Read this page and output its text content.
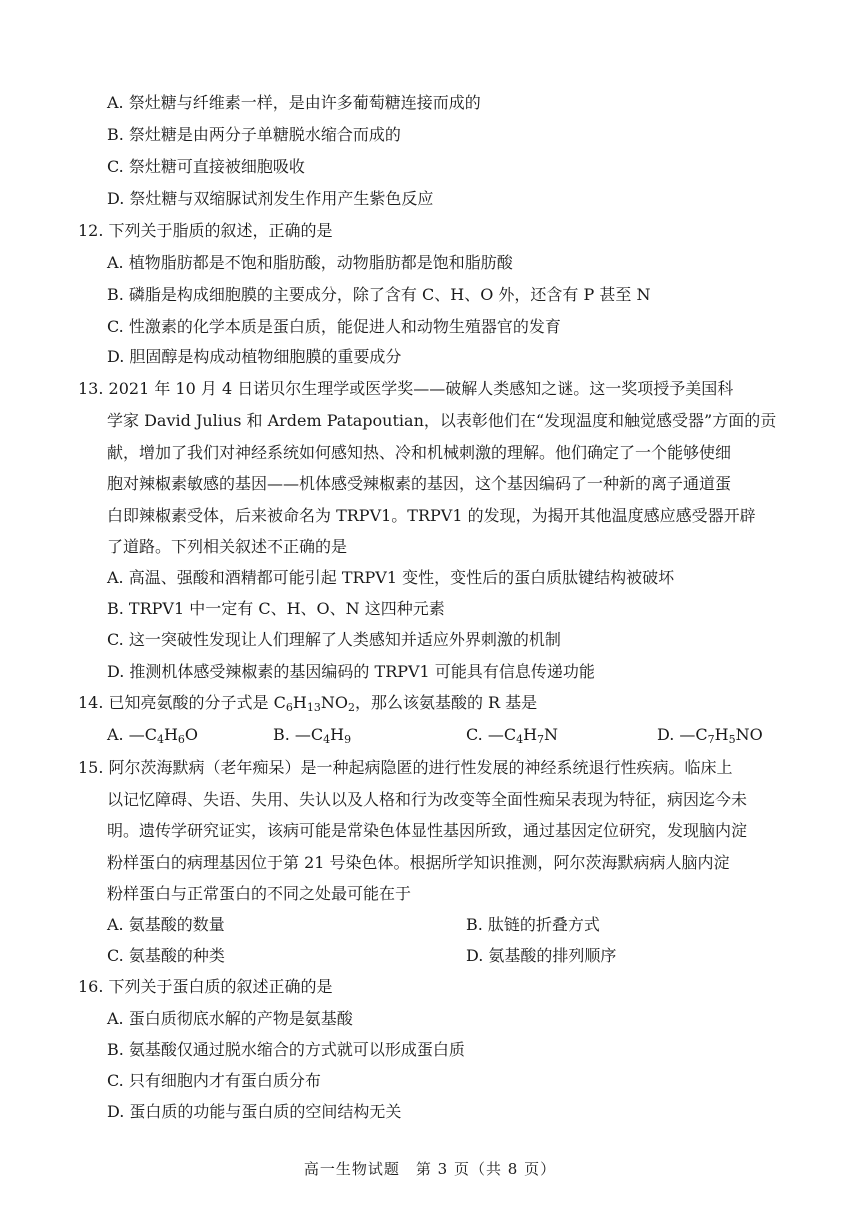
A. 祭灶糖与纤维素一样，是由许多葡萄糖连接而成的
B. 祭灶糖是由两分子单糖脱水缩合而成的
C. 祭灶糖可直接被细胞吸收
D. 祭灶糖与双缩脲试剂发生作用产生紫色反应
12. 下列关于脂质的叙述，正确的是
A. 植物脂肪都是不饱和脂肪酸，动物脂肪都是饱和脂肪酸
B. 磷脂是构成细胞膜的主要成分，除了含有 C、H、O 外，还含有 P 甚至 N
C. 性激素的化学本质是蛋白质，能促进人和动物生殖器官的发育
D. 胆固醇是构成动植物细胞膜的重要成分
13. 2021 年 10 月 4 日诺贝尔生理学或医学奖——破解人类感知之谜。这一奖项授予美国科
学家 David Julius 和 Ardem Patapoutian，以表彰他们在“发现温度和触觉感受器”方面的贡
献，增加了我们对神经系统如何感知热、冷和机械刺激的理解。他们确定了一个能够使细
胞对辣椒素敏感的基因——机体感受辣椒素的基因，这个基因编码了一种新的离子通道蛋
白即辣椒素受体，后来被命名为 TRPV1。TRPV1 的发现，为揭开其他温度感应感受器开辟
了道路。下列相关叙述不正确的是
A. 高温、强酸和酒精都可能引起 TRPV1 变性，变性后的蛋白质肽键结构被破坏
B. TRPV1 中一定有 C、H、O、N 这四种元素
C. 这一突破性发现让人们理解了人类感知并适应外界刺激的机制
D. 推测机体感受辣椒素的基因编码的 TRPV1 可能具有信息传递功能
14. 已知亮氨酸的分子式是 $C_6H_{13}NO_2$，那么该氨基酸的 R 基是
A. $—C_4H_6O$	B. $—C_4H_9$	C. $—C_4H_7N$	D. $—C_7H_5NO$
15. 阿尔茨海默病（老年痴呆）是一种起病隐匿的进行性发展的神经系统退行性疾病。临床上
以记忆障碍、失语、失用、失认以及人格和行为改变等全面性痴呆表现为特征，病因迄今未
明。遗传学研究证实，该病可能是常染色体显性基因所致，通过基因定位研究，发现脑内淀
粉样蛋白的病理基因位于第 21 号染色体。根据所学知识推测，阿尔茨海默病病人脑内淀
粉样蛋白与正常蛋白的不同之处最可能在于
A. 氨基酸的数量	B. 肽链的折叠方式
C. 氨基酸的种类	D. 氨基酸的排列顺序
16. 下列关于蛋白质的叙述正确的是
A. 蛋白质彻底水解的产物是氨基酸
B. 氨基酸仅通过脱水缩合的方式就可以形成蛋白质
C. 只有细胞内才有蛋白质分布
D. 蛋白质的功能与蛋白质的空间结构无关
高一生物试题　第 3 页（共 8 页）
